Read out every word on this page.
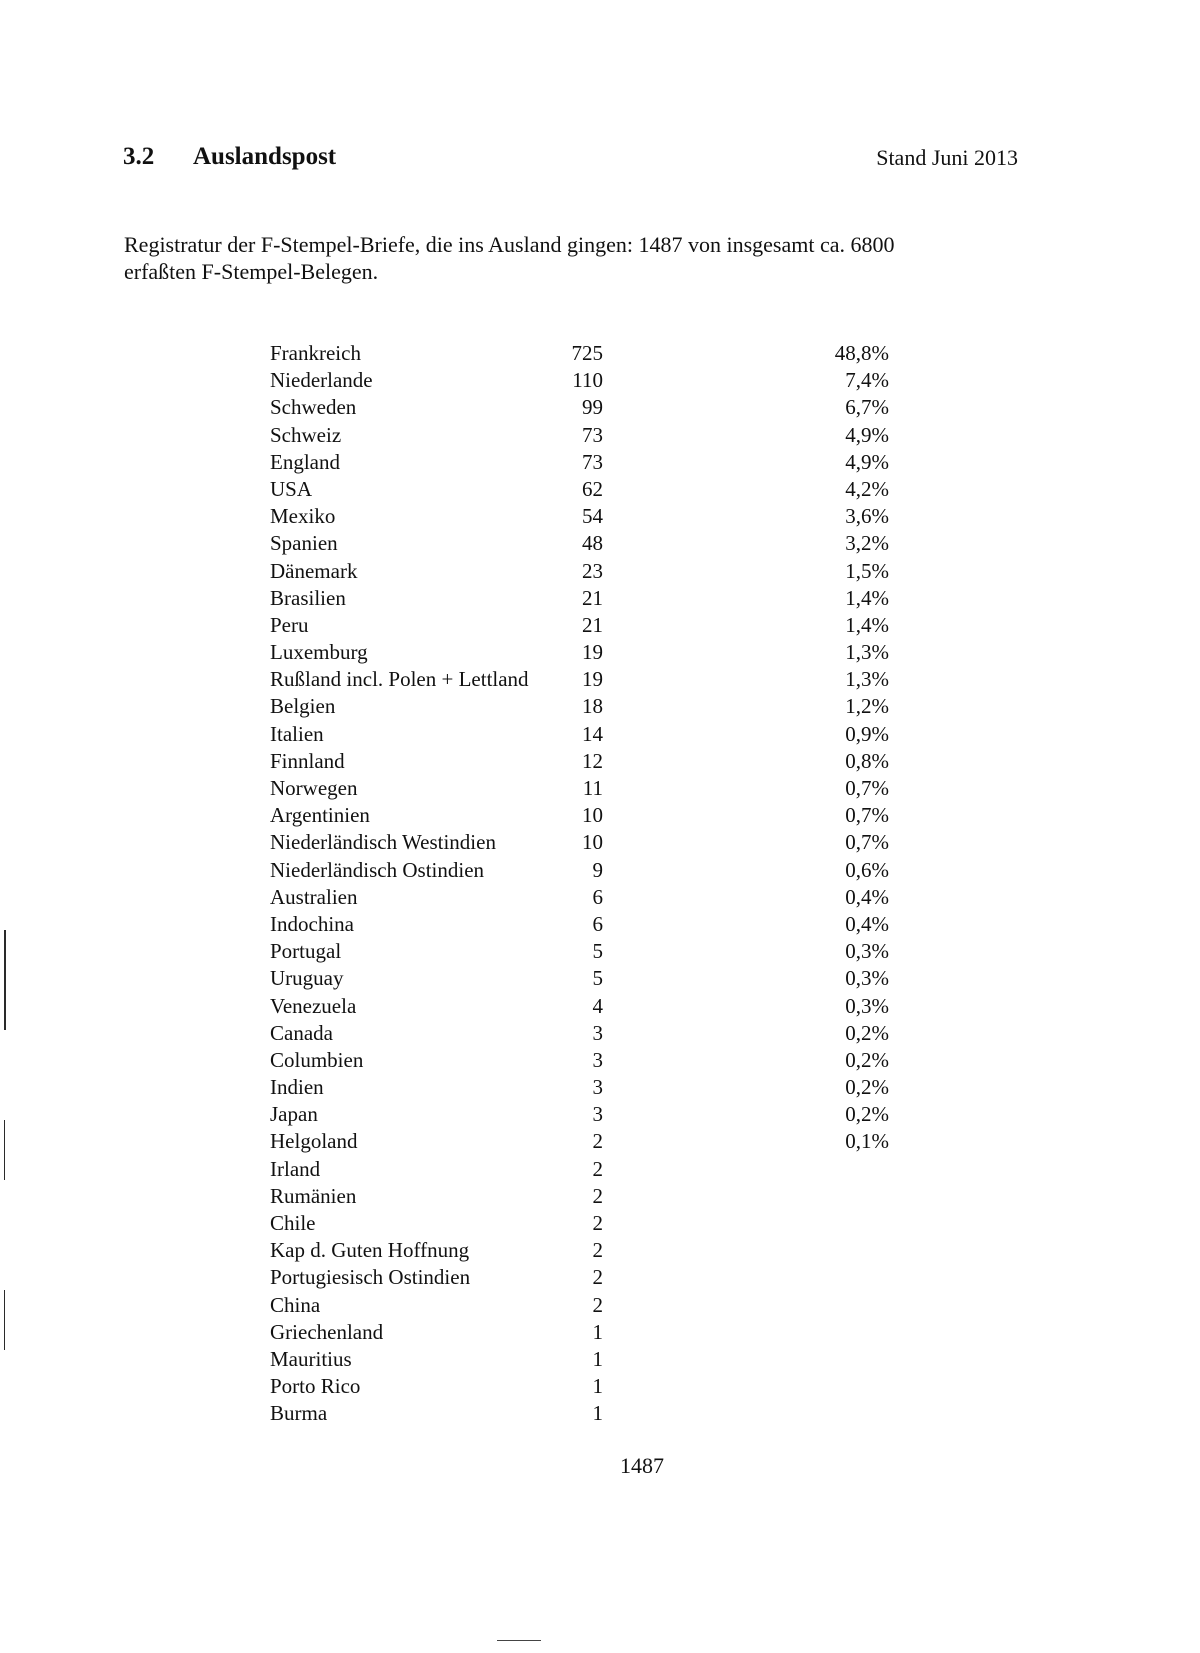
3.2 Auslandspost	Stand Juni 2013
Registratur der F-Stempel-Briefe, die ins Ausland gingen: 1487 von insgesamt ca. 6800
erfaßten F-Stempel-Belegen.
Frankreich	725	48,8%
Niederlande	110	7,4%
Schweden	99	6,7%
Schweiz	73	4,9%
England	73	4,9%
USA	62	4,2%
Mexiko	54	3,6%
Spanien	48	3,2%
Dänemark	23	1,5%
Brasilien	21	1,4%
Peru	21	1,4%
Luxemburg	19	1,3%
Rußland incl. Polen + Lettland	19	1,3%
Belgien	18	1,2%
Italien	14	0,9%
Finnland	12	0,8%
Norwegen	11	0,7%
Argentinien	10	0,7%
Niederländisch Westindien	10	0,7%
Niederländisch Ostindien	9	0,6%
Australien	6	0,4%
Indochina	6	0,4%
Portugal	5	0,3%
Uruguay	5	0,3%
Venezuela	4	0,3%
Canada	3	0,2%
Columbien	3	0,2%
Indien	3	0,2%
Japan	3	0,2%
Helgoland	2	0,1%
Irland	2
Rumänien	2
Chile	2
Kap d. Guten Hoffnung	2
Portugiesisch Ostindien	2
China	2
Griechenland	1
Mauritius	1
Porto Rico	1
Burma	1
1487
